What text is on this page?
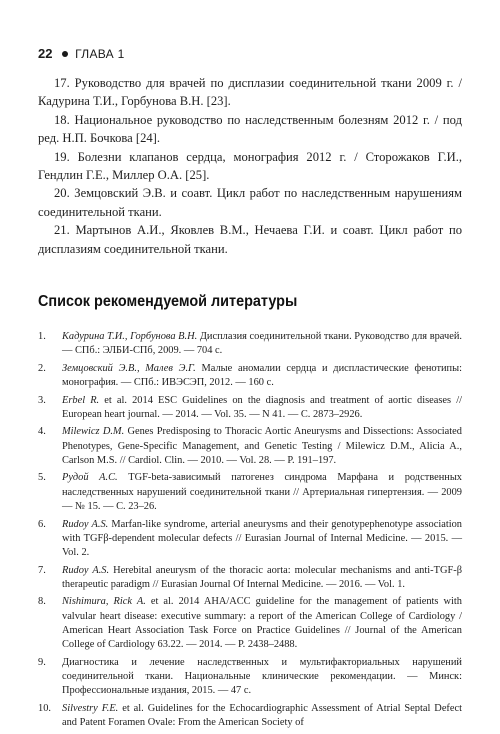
22 ГЛАВА 1

17. Руководство для врачей по дисплазии соединительной ткани 2009 г. / Кадурина Т.И., Горбунова В.Н. [23].

18. Национальное руководство по наследственным болезням 2012 г. / под ред. Н.П. Бочкова [24].

19. Болезни клапанов сердца, монография 2012 г. / Сторожаков Г.И., Гендлин Г.Е., Миллер О.А. [25].

20. Земцовский Э.В. и соавт. Цикл работ по наследственным нарушениям соединительной ткани.

21. Мартынов А.И., Яковлев В.М., Нечаева Г.И. и соавт. Цикл работ по дисплазиям соединительной ткани.

Список рекомендуемой литературы
1.	Кадурина Т.И., Горбунова В.Н. Дисплазия соединительной ткани. Руководство для врачей. — СПб.: ЭЛБИ-СПб, 2009. — 704 с.
2.	Земцовский Э.В., Малев Э.Г. Малые аномалии сердца и диспластические фенотипы: монография. — СПб.: ИВЭСЭП, 2012. — 160 с.
3.	Erbel R. et al. 2014 ESC Guidelines on the diagnosis and treatment of aortic diseases // European heart journal. — 2014. — Vol. 35. — N 41. — C. 2873–2926.
4.	Milewicz D.M. Genes Predisposing to Thoracic Aortic Aneurysms and Dissections: Associated Phenotypes, Gene-Specific Management, and Genetic Testing / Milewicz D.M., Alicia A., Carlson M.S. // Cardiol. Clin. — 2010. — Vol. 28. — P. 191–197.
5.	Рудой А.С. TGF-beta-зависимый патогенез синдрома Марфана и родственных наследственных нарушений соединительной ткани // Артериальная гипертензия. — 2009 — № 15. — С. 23–26.
6.	Rudoy A.S. Marfan-like syndrome, arterial aneurysms and their genotypephenotype association with TGFβ-dependent molecular defects // Eurasian Journal of Internal Medicine. — 2015. — Vol. 2.
7.	Rudoy A.S. Herebital aneurysm of the thoracic aorta: molecular mechanisms and anti-TGF-β therapeutic paradigm // Eurasian Journal Of Internal Medicine. — 2016. — Vol. 1.
8.	Nishimura, Rick A. et al. 2014 AHA/ACC guideline for the management of patients with valvular heart disease: executive summary: a report of the American College of Cardiology / American Heart Association Task Force on Practice Guidelines // Journal of the American College of Cardiology 63.22. — 2014. — P. 2438–2488.
9.	Диагностика и лечение наследственных и мультифакториальных нарушений соединительной ткани. Национальные клинические рекомендации. — Минск: Профессиональные издания, 2015. — 47 с.
10.	Silvestry F.E. et al. Guidelines for the Echocardiographic Assessment of Atrial Septal Defect and Patent Foramen Ovale: From the American Society of
